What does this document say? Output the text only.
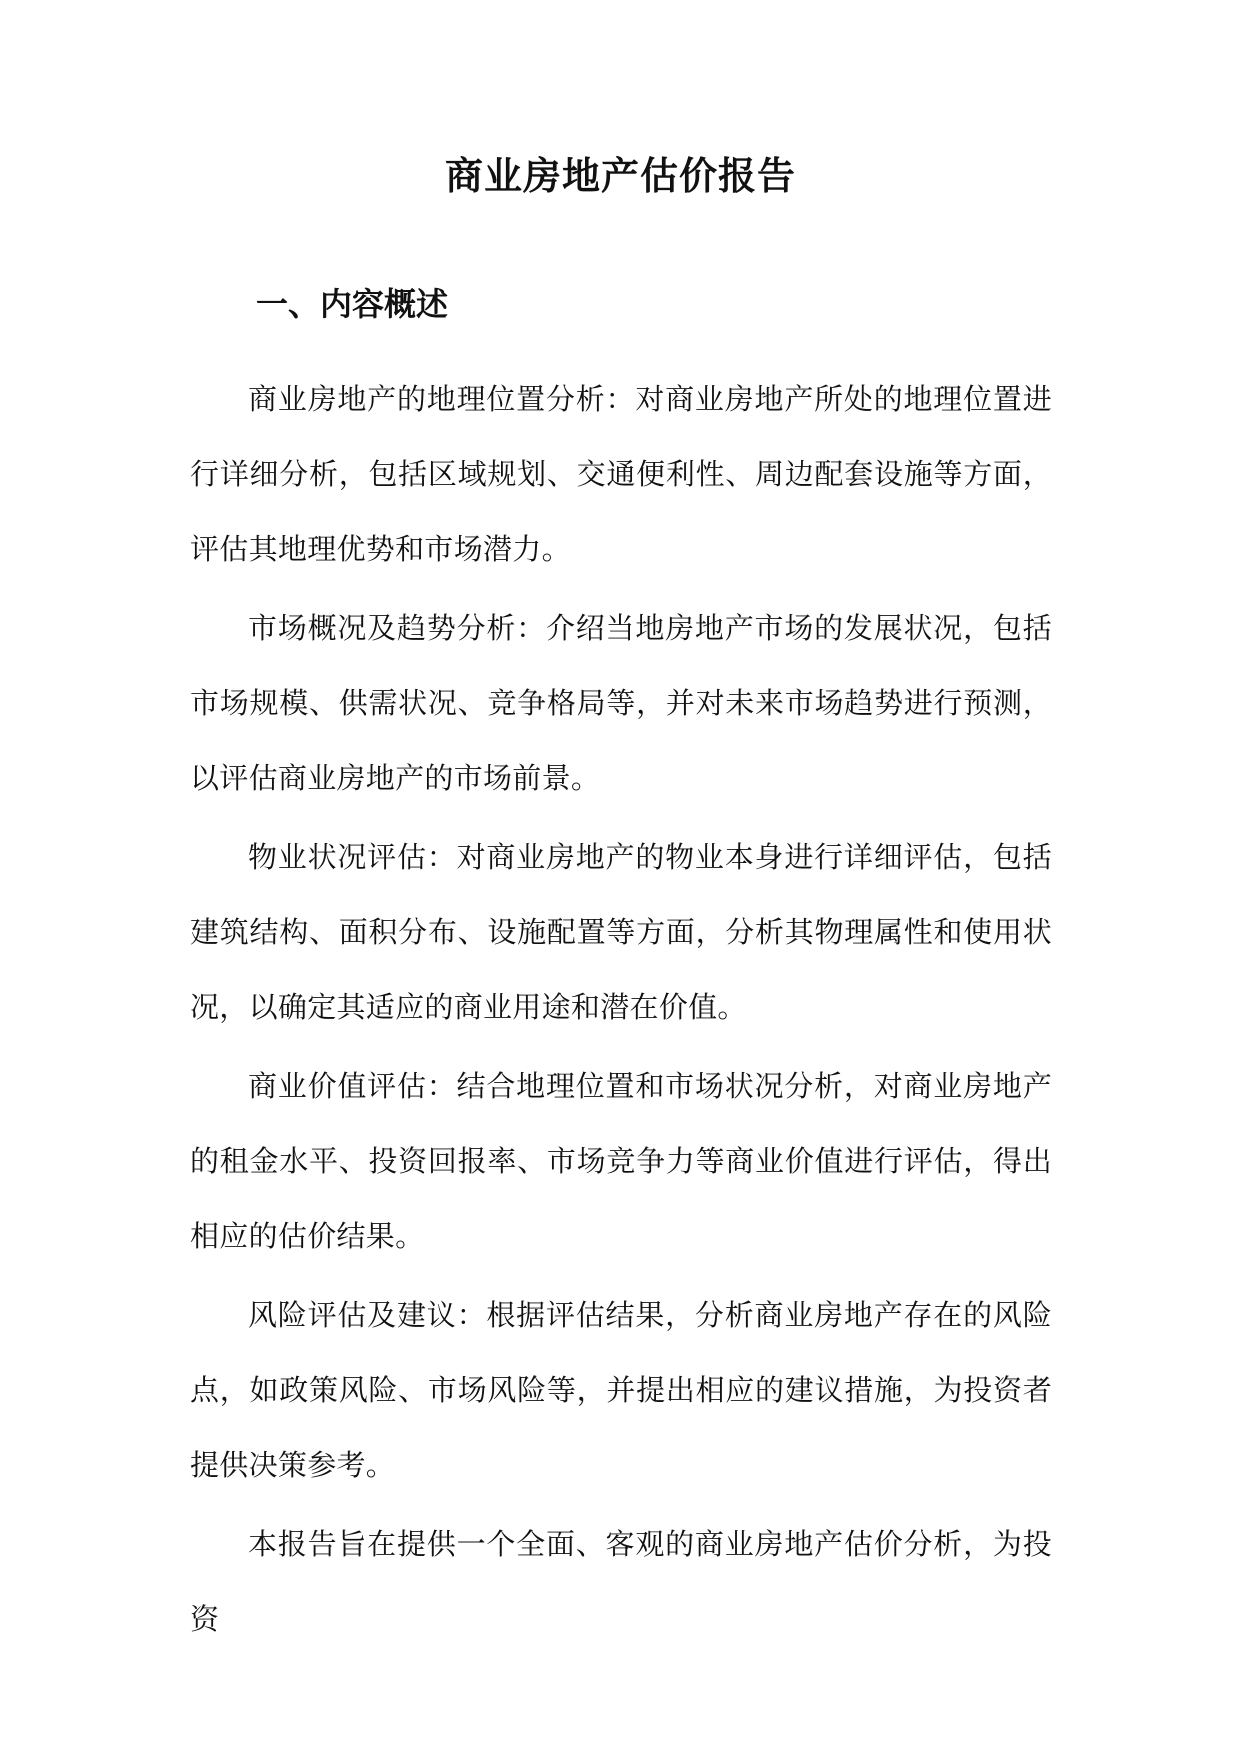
商业房地产估价报告
一、内容概述

商业房地产的地理位置分析：对商业房地产所处的地理位置进行详细分析，包括区域规划、交通便利性、周边配套设施等方面，评估其地理优势和市场潜力。

市场概况及趋势分析：介绍当地房地产市场的发展状况，包括市场规模、供需状况、竞争格局等，并对未来市场趋势进行预测，以评估商业房地产的市场前景。

物业状况评估：对商业房地产的物业本身进行详细评估，包括建筑结构、面积分布、设施配置等方面，分析其物理属性和使用状况，以确定其适应的商业用途和潜在价值。

商业价值评估：结合地理位置和市场状况分析，对商业房地产的租金水平、投资回报率、市场竞争力等商业价值进行评估，得出相应的估价结果。

风险评估及建议：根据评估结果，分析商业房地产存在的风险点，如政策风险、市场风险等，并提出相应的建议措施，为投资者提供决策参考。

本报告旨在提供一个全面、客观的商业房地产估价分析，为投资
